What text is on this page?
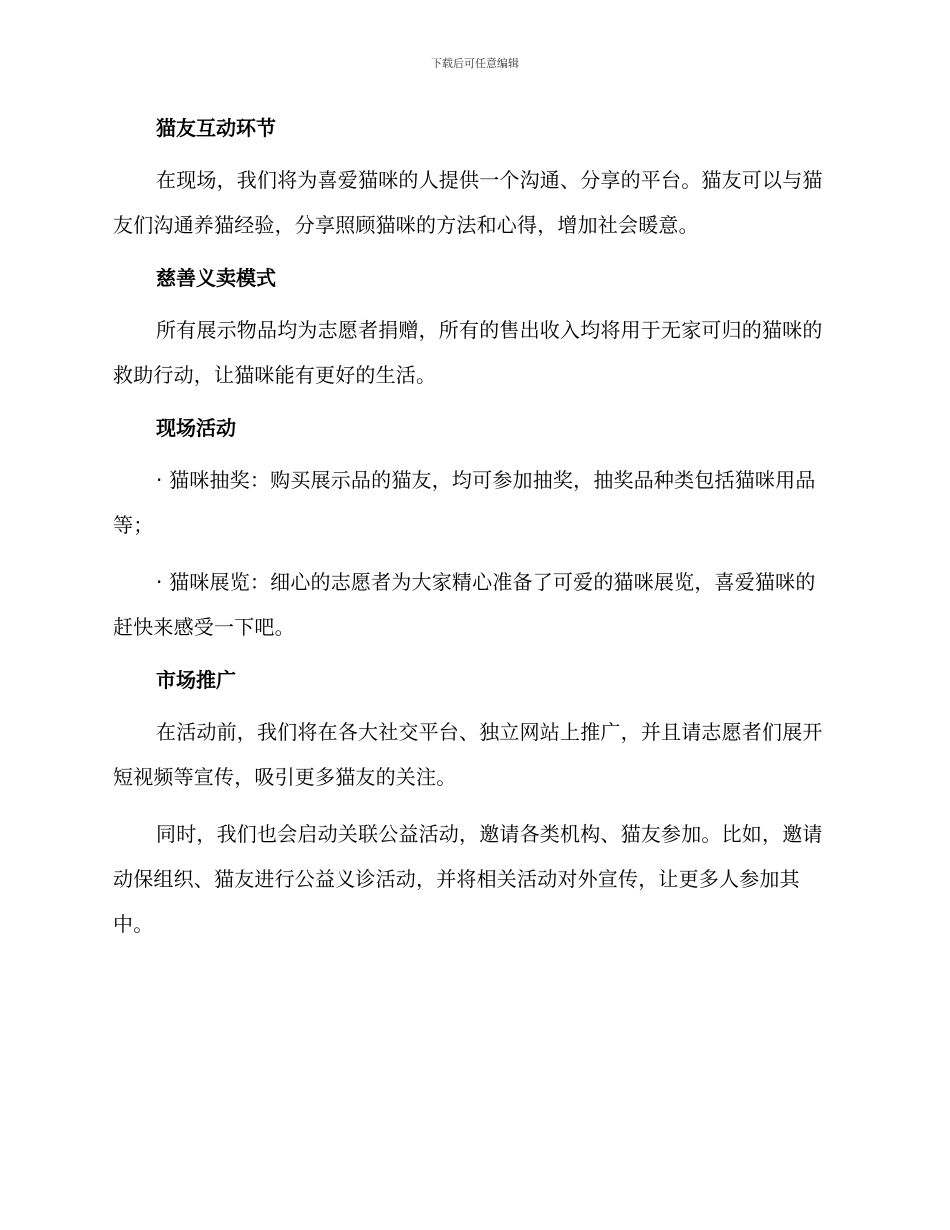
下载后可任意编辑
猫友互动环节

在现场，我们将为喜爱猫咪的人提供一个沟通、分享的平台。猫友可以与猫友们沟通养猫经验，分享照顾猫咪的方法和心得，增加社会暖意。

慈善义卖模式

所有展示物品均为志愿者捐赠，所有的售出收入均将用于无家可归的猫咪的救助行动，让猫咪能有更好的生活。

现场活动

· 猫咪抽奖：购买展示品的猫友，均可参加抽奖，抽奖品种类包括猫咪用品等；

· 猫咪展览：细心的志愿者为大家精心准备了可爱的猫咪展览，喜爱猫咪的赶快来感受一下吧。

市场推广

在活动前，我们将在各大社交平台、独立网站上推广，并且请志愿者们展开短视频等宣传，吸引更多猫友的关注。

同时，我们也会启动关联公益活动，邀请各类机构、猫友参加。比如，邀请动保组织、猫友进行公益义诊活动，并将相关活动对外宣传，让更多人参加其中。
